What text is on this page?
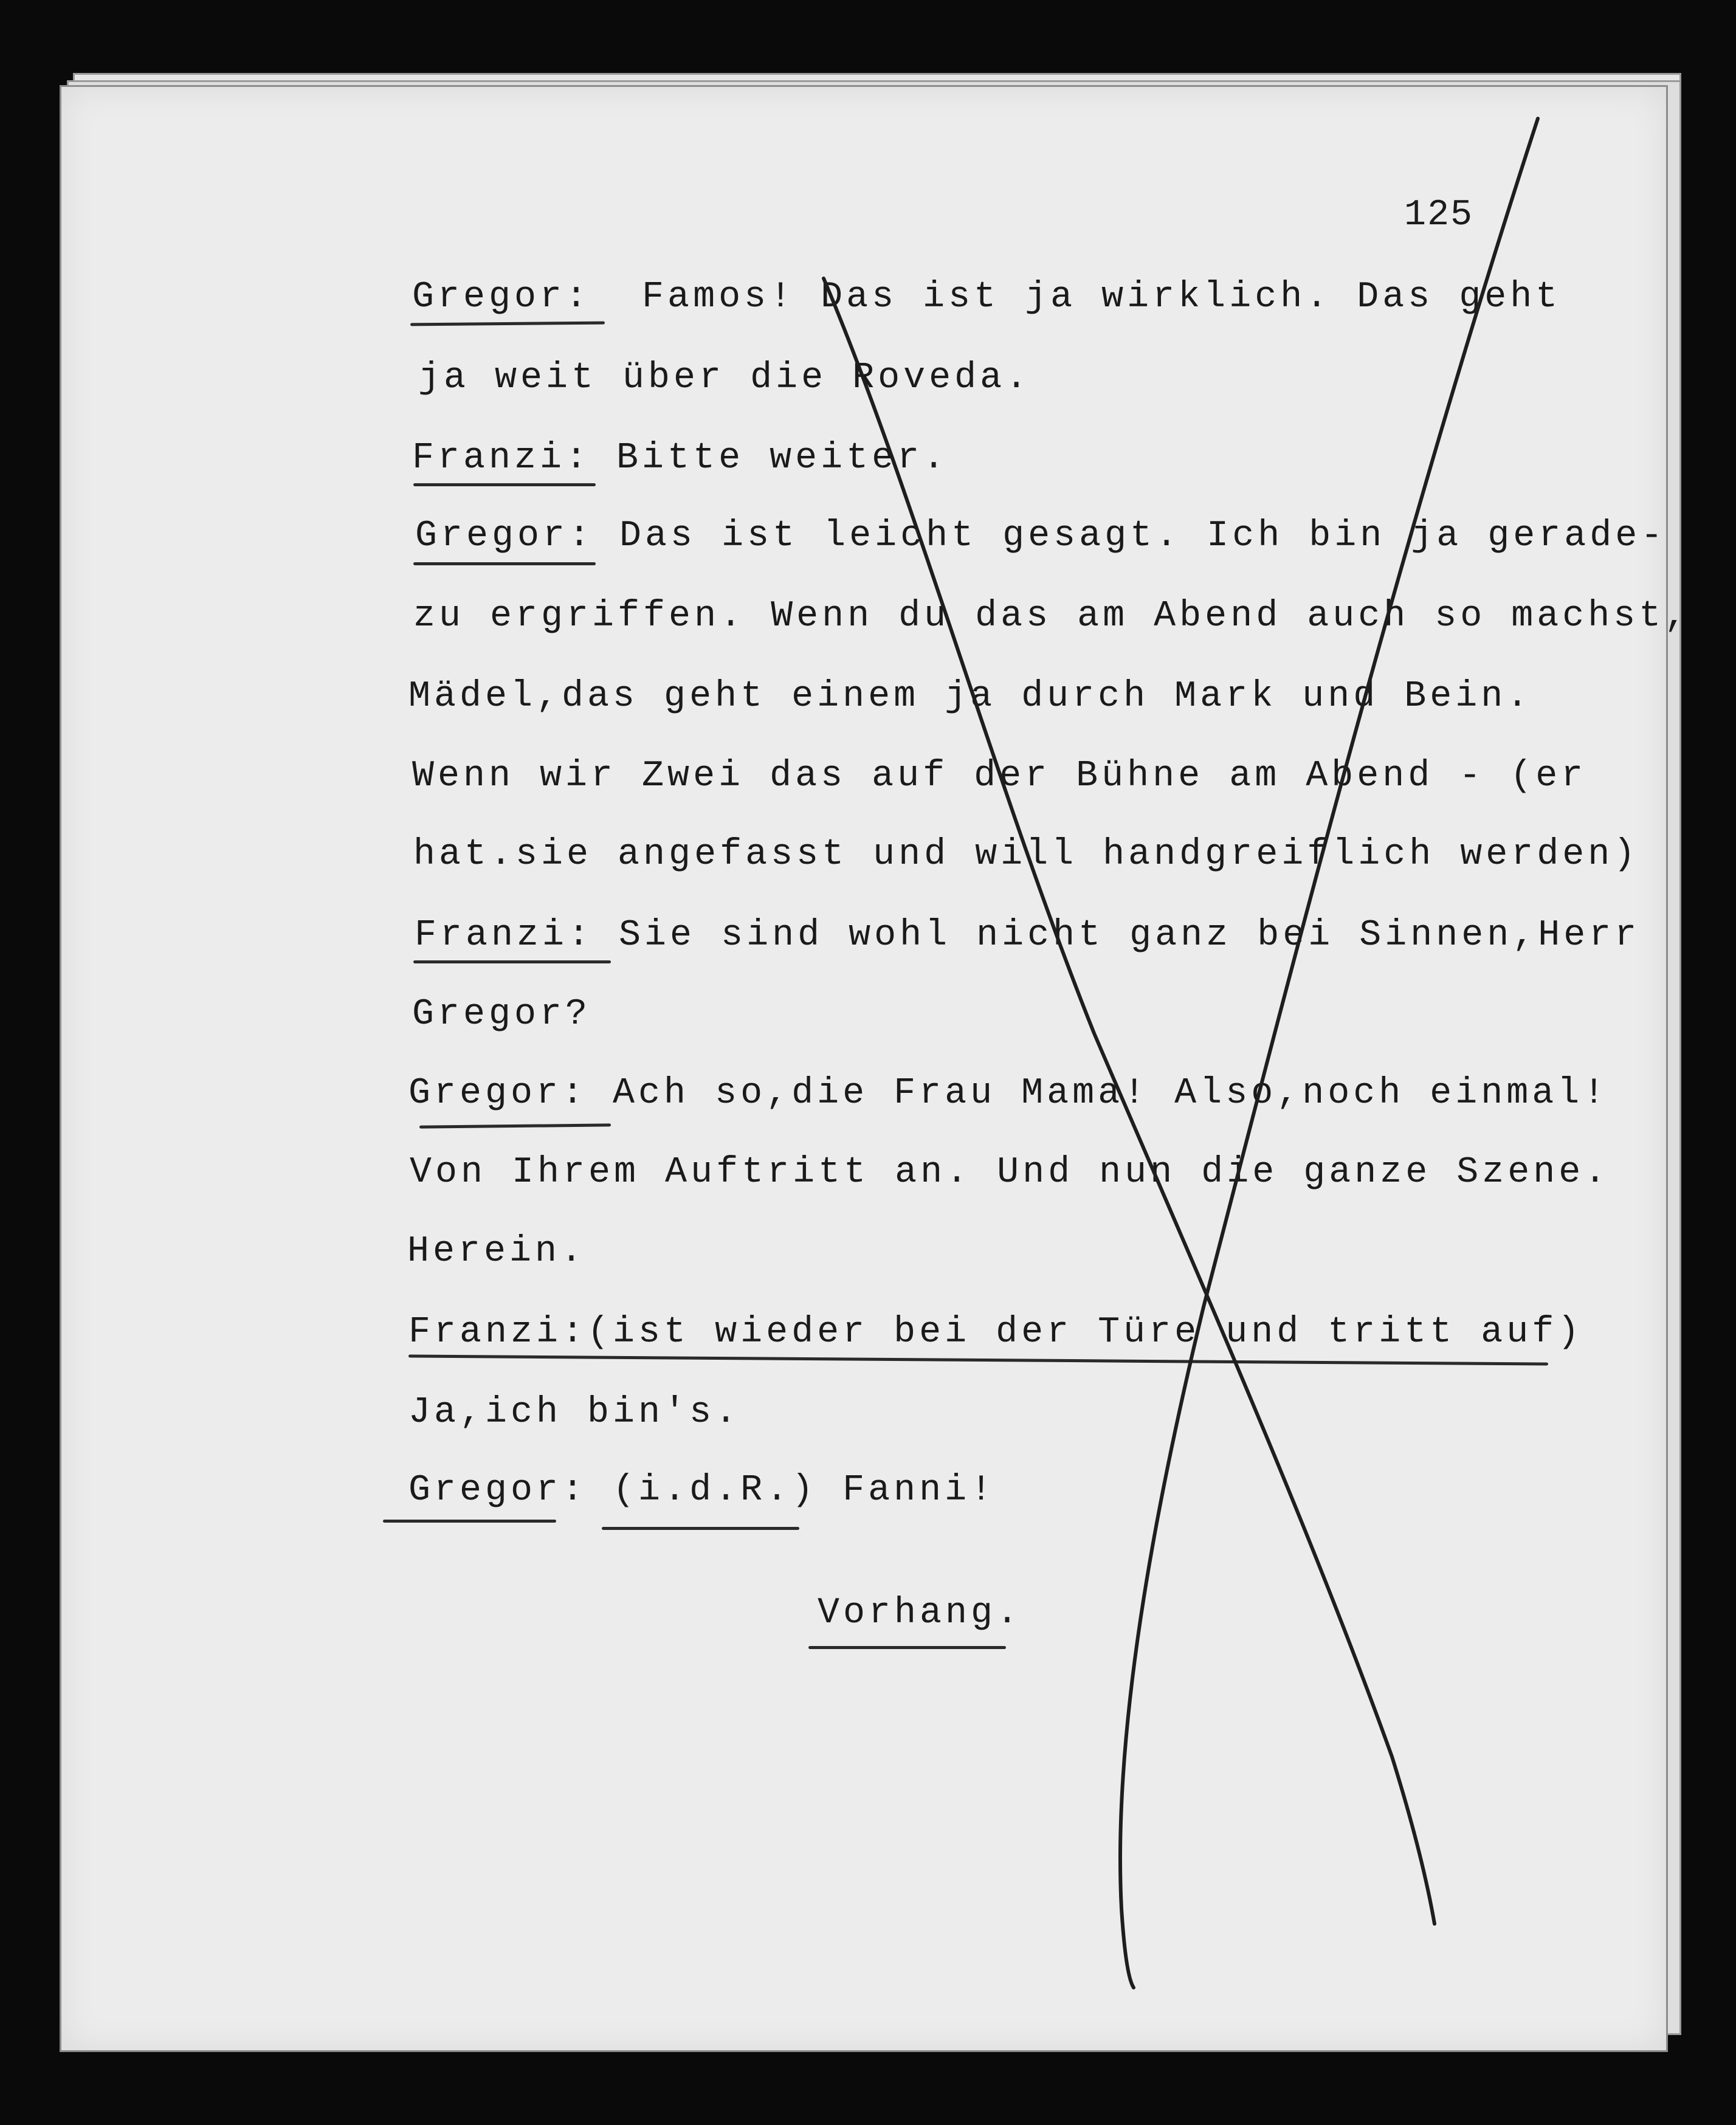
125
Gregor:  Famos! Das ist ja wirklich. Das geht
ja weit über die Roveda.
Franzi: Bitte weiter.
Gregor: Das ist leicht gesagt. Ich bin ja gerade-
zu ergriffen. Wenn du das am Abend auch so machst,
Mädel,das geht einem ja durch Mark und Bein.
Wenn wir Zwei das auf der Bühne am Abend - (er
hat.sie angefasst und will handgreiflich werden)
Franzi: Sie sind wohl nicht ganz bei Sinnen,Herr
Gregor?
Gregor: Ach so,die Frau Mama! Also,noch einmal!
Von Ihrem Auftritt an. Und nun die ganze Szene.
Herein.
Franzi:(ist wieder bei der Türe und tritt auf)
Ja,ich bin's.
Gregor: (i.d.R.) Fanni!
Vorhang.
